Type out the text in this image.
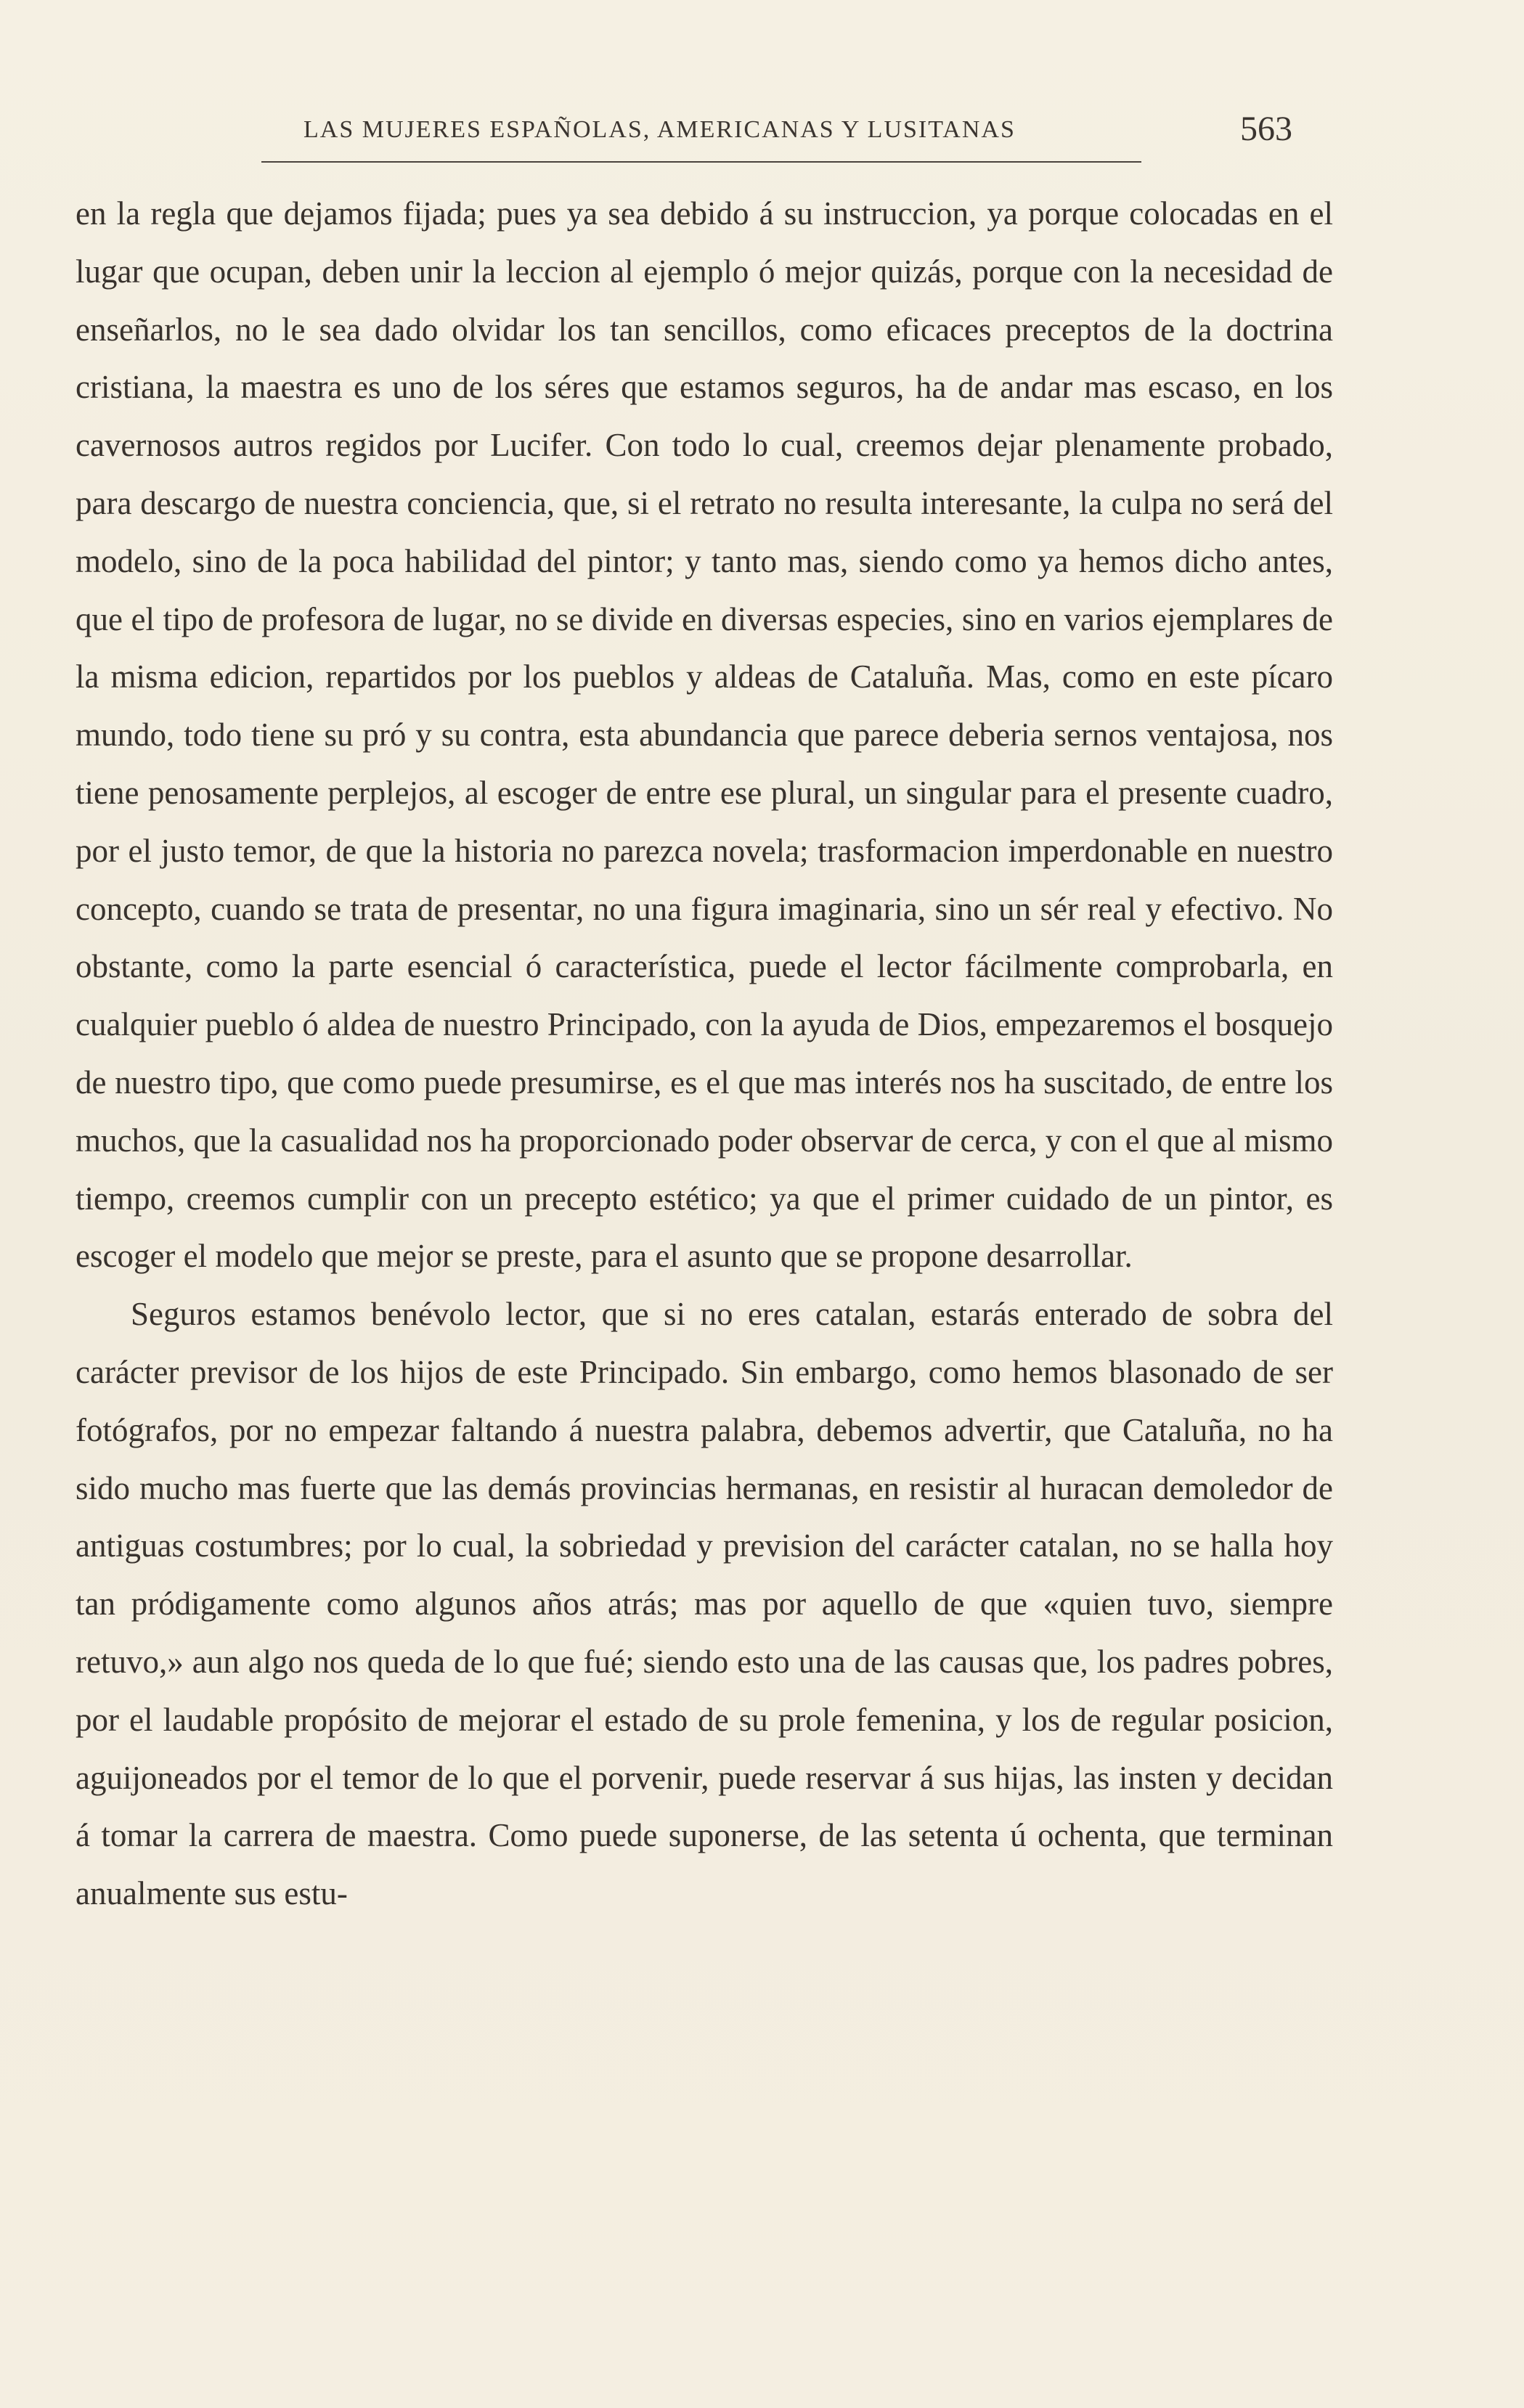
LAS MUJERES ESPAÑOLAS, AMERICANAS Y LUSITANAS	563

en la regla que dejamos fijada; pues ya sea debido á su instruccion, ya porque colocadas en el lugar que ocupan, deben unir la leccion al ejemplo ó mejor quizás, porque con la necesidad de enseñarlos, no le sea dado olvidar los tan sencillos, como eficaces preceptos de la doctrina cristiana, la maestra es uno de los séres que estamos seguros, ha de andar mas escaso, en los cavernosos autros regidos por Lucifer. Con todo lo cual, creemos dejar plenamente probado, para descargo de nuestra conciencia, que, si el retrato no resulta interesante, la culpa no será del modelo, sino de la poca habilidad del pintor; y tanto mas, siendo como ya hemos dicho antes, que el tipo de profesora de lugar, no se divide en diversas especies, sino en varios ejemplares de la misma edicion, repartidos por los pueblos y aldeas de Cataluña. Mas, como en este pícaro mundo, todo tiene su pró y su contra, esta abundancia que parece deberia sernos ventajosa, nos tiene penosamente perplejos, al escoger de entre ese plural, un singular para el presente cuadro, por el justo temor, de que la historia no parezca novela; trasformacion imperdonable en nuestro concepto, cuando se trata de presentar, no una figura imaginaria, sino un sér real y efectivo. No obstante, como la parte esencial ó característica, puede el lector fácilmente comprobarla, en cualquier pueblo ó aldea de nuestro Principado, con la ayuda de Dios, empezaremos el bosquejo de nuestro tipo, que como puede presumirse, es el que mas interés nos ha suscitado, de entre los muchos, que la casualidad nos ha proporcionado poder observar de cerca, y con el que al mismo tiempo, creemos cumplir con un precepto estético; ya que el primer cuidado de un pintor, es escoger el modelo que mejor se preste, para el asunto que se propone desarrollar.

Seguros estamos benévolo lector, que si no eres catalan, estarás enterado de sobra del carácter previsor de los hijos de este Principado. Sin embargo, como hemos blasonado de ser fotógrafos, por no empezar faltando á nuestra palabra, debemos advertir, que Cataluña, no ha sido mucho mas fuerte que las demás provincias hermanas, en resistir al huracan demoledor de antiguas costumbres; por lo cual, la sobriedad y prevision del carácter catalan, no se halla hoy tan pródigamente como algunos años atrás; mas por aquello de que «quien tuvo, siempre retuvo,» aun algo nos queda de lo que fué; siendo esto una de las causas que, los padres pobres, por el laudable propósito de mejorar el estado de su prole femenina, y los de regular posicion, aguijoneados por el temor de lo que el porvenir, puede reservar á sus hijas, las insten y decidan á tomar la carrera de maestra. Como puede suponerse, de las setenta ú ochenta, que terminan anualmente sus estu-
